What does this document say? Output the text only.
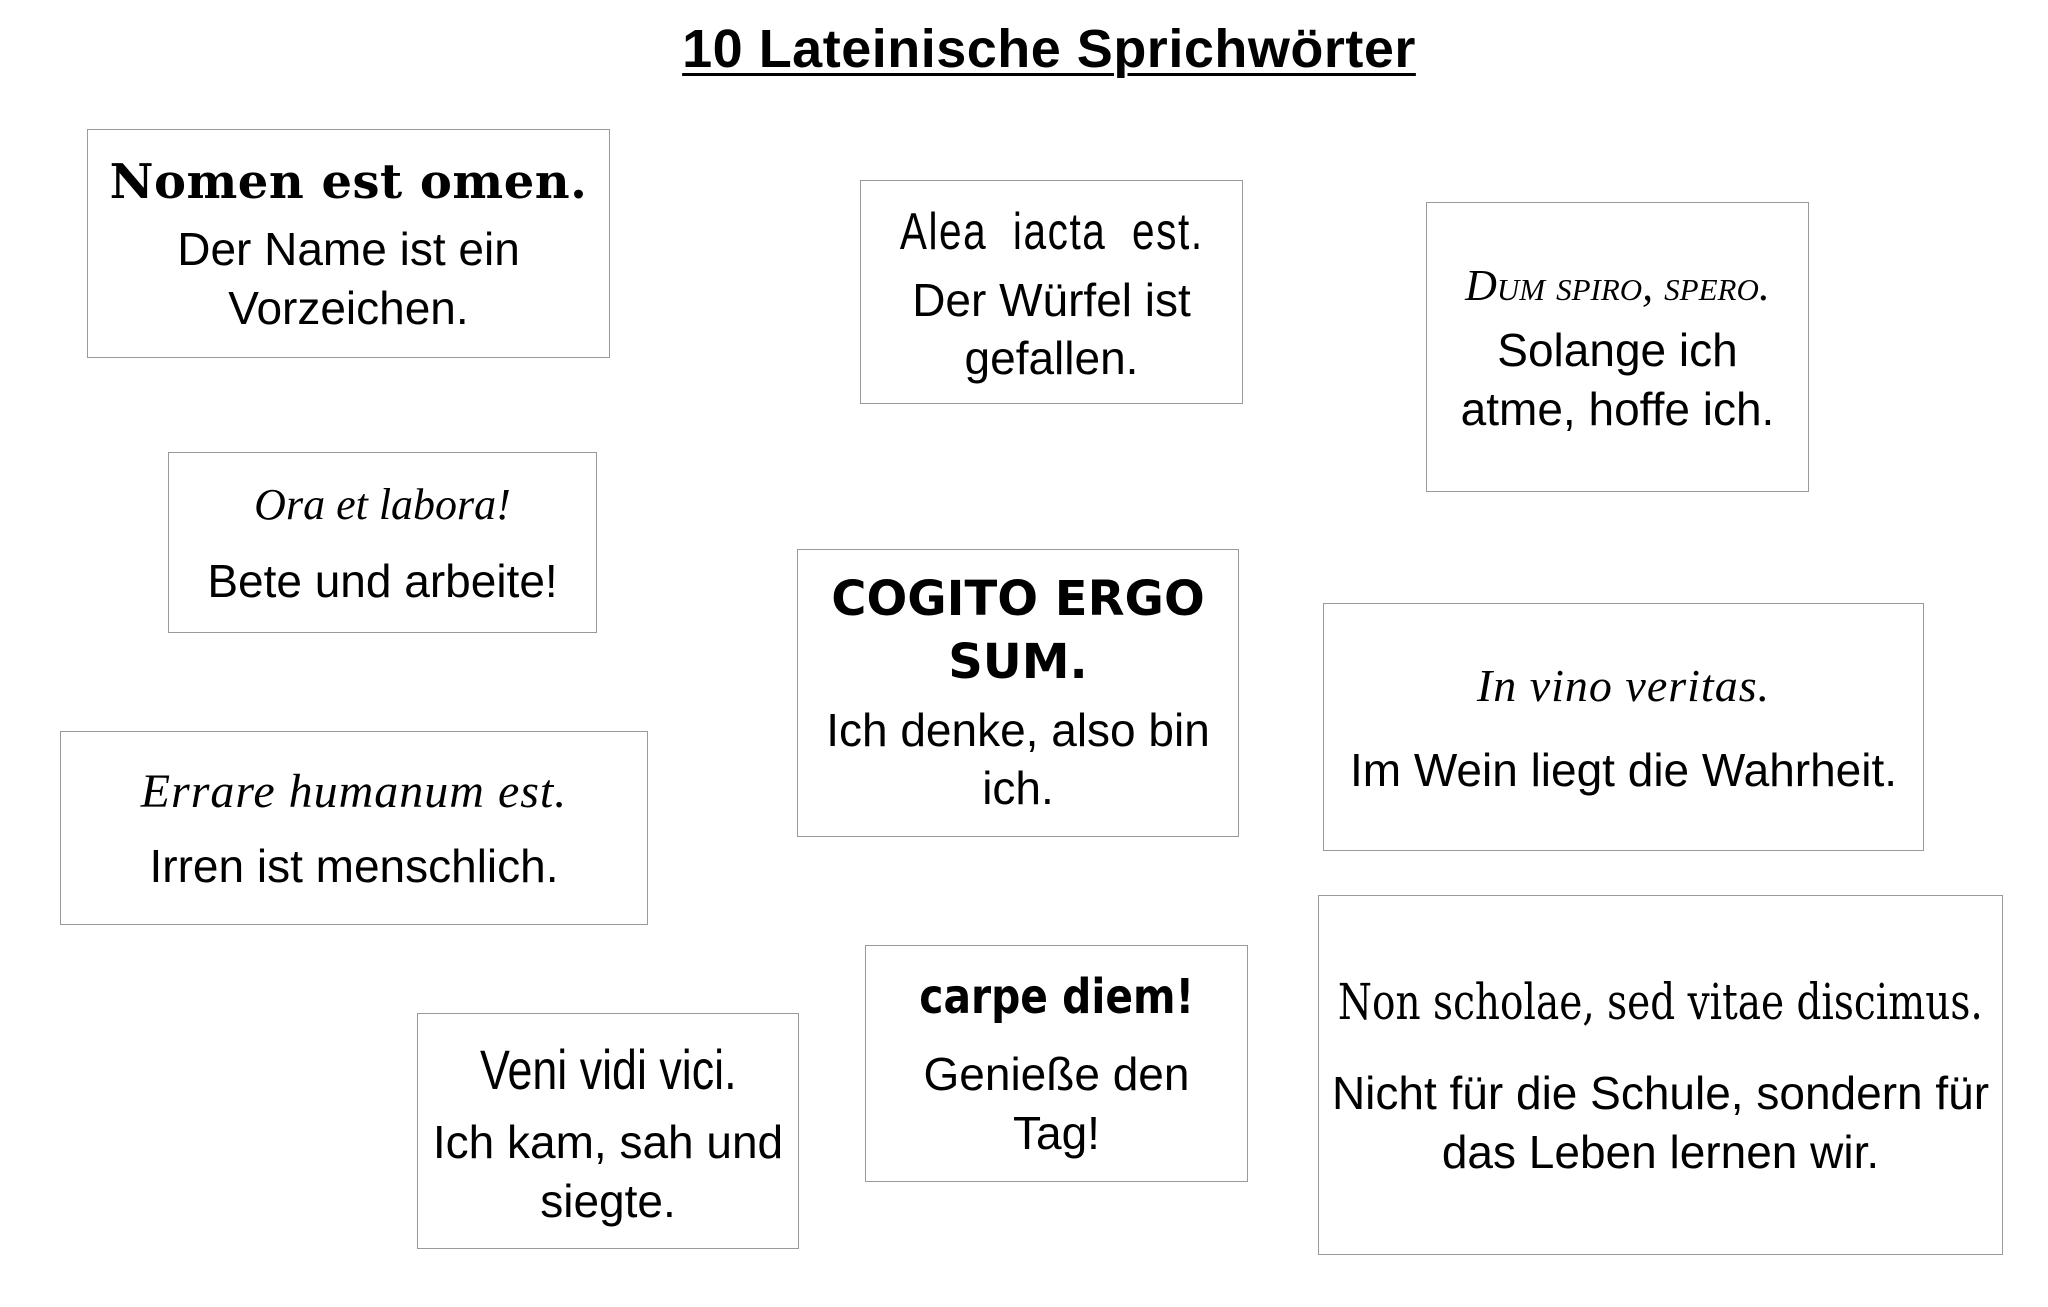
10 Lateinische Sprichwörter
Nomen est omen.
Der Name ist ein Vorzeichen.
Alea  iacta  est.
Der Würfel ist gefallen.
Dum spiro, spero.
Solange ich atme, hoffe ich.
Ora et labora!
Bete und arbeite!	COGITO ERGO SUM.
Ich denke, also bin ich.
In vino veritas.
Im Wein liegt die Wahrheit.
Errare humanum est.
Irren ist menschlich.
Veni vidi vici.
Ich kam, sah und siegte.
carpe diem!
Genieße den Tag!
Non scholae, sed vitae discimus.
Nicht für die Schule, sondern für das Leben lernen wir.
